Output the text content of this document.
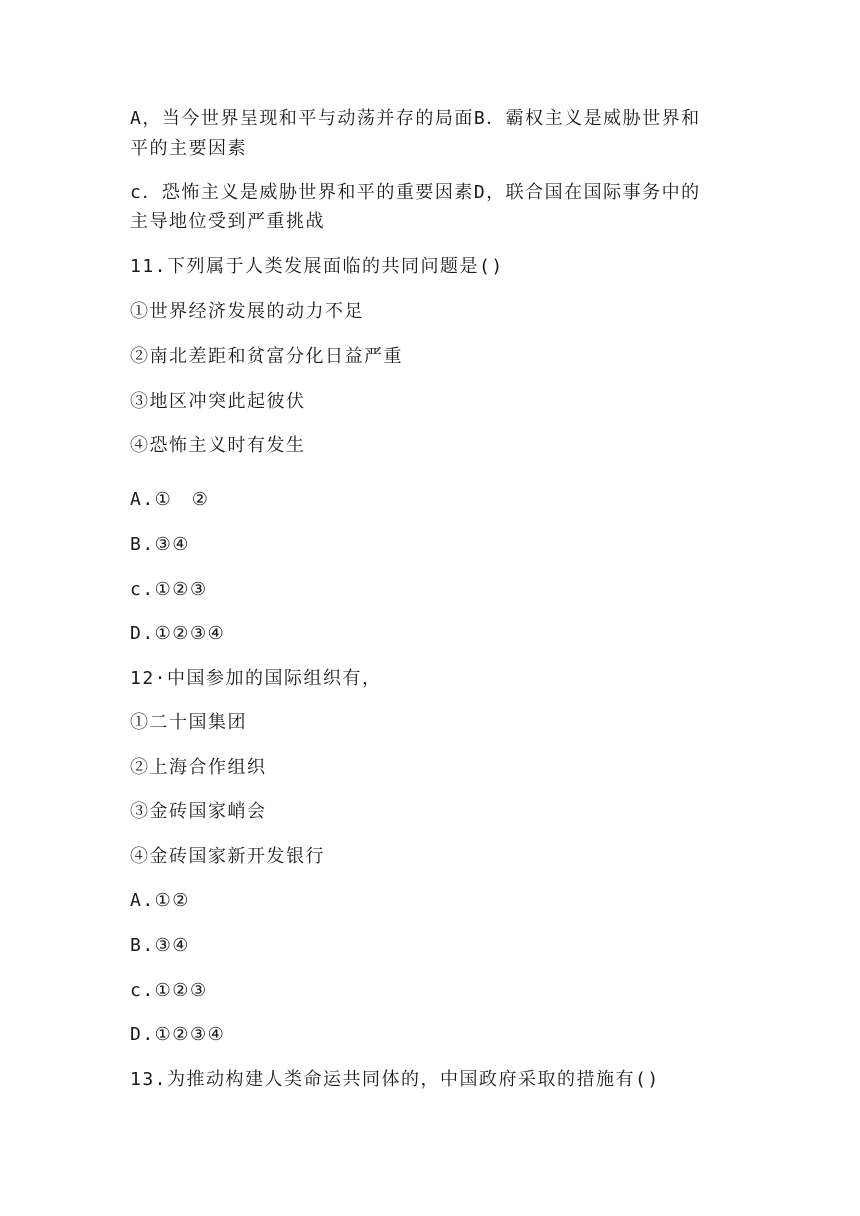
A，当今世界呈现和平与动荡并存的局面B．霸权主义是威胁世界和
平的主要因素
c．恐怖主义是威胁世界和平的重要因素D，联合国在国际事务中的
主导地位受到严重挑战
11.下列属于人类发展面临的共同问题是()
①世界经济发展的动力不足
②南北差距和贫富分化日益严重
③地区冲突此起彼伏
④恐怖主义时有发生
A.①　②
B.③④
c.①②③
D.①②③④
12·中国参加的国际组织有，
①二十国集团
②上海合作组织
③金砖国家峭会
④金砖国家新开发银行
A.①②
B.③④
c.①②③
D.①②③④
13.为推动构建人类命运共同体的，中国政府采取的措施有()
